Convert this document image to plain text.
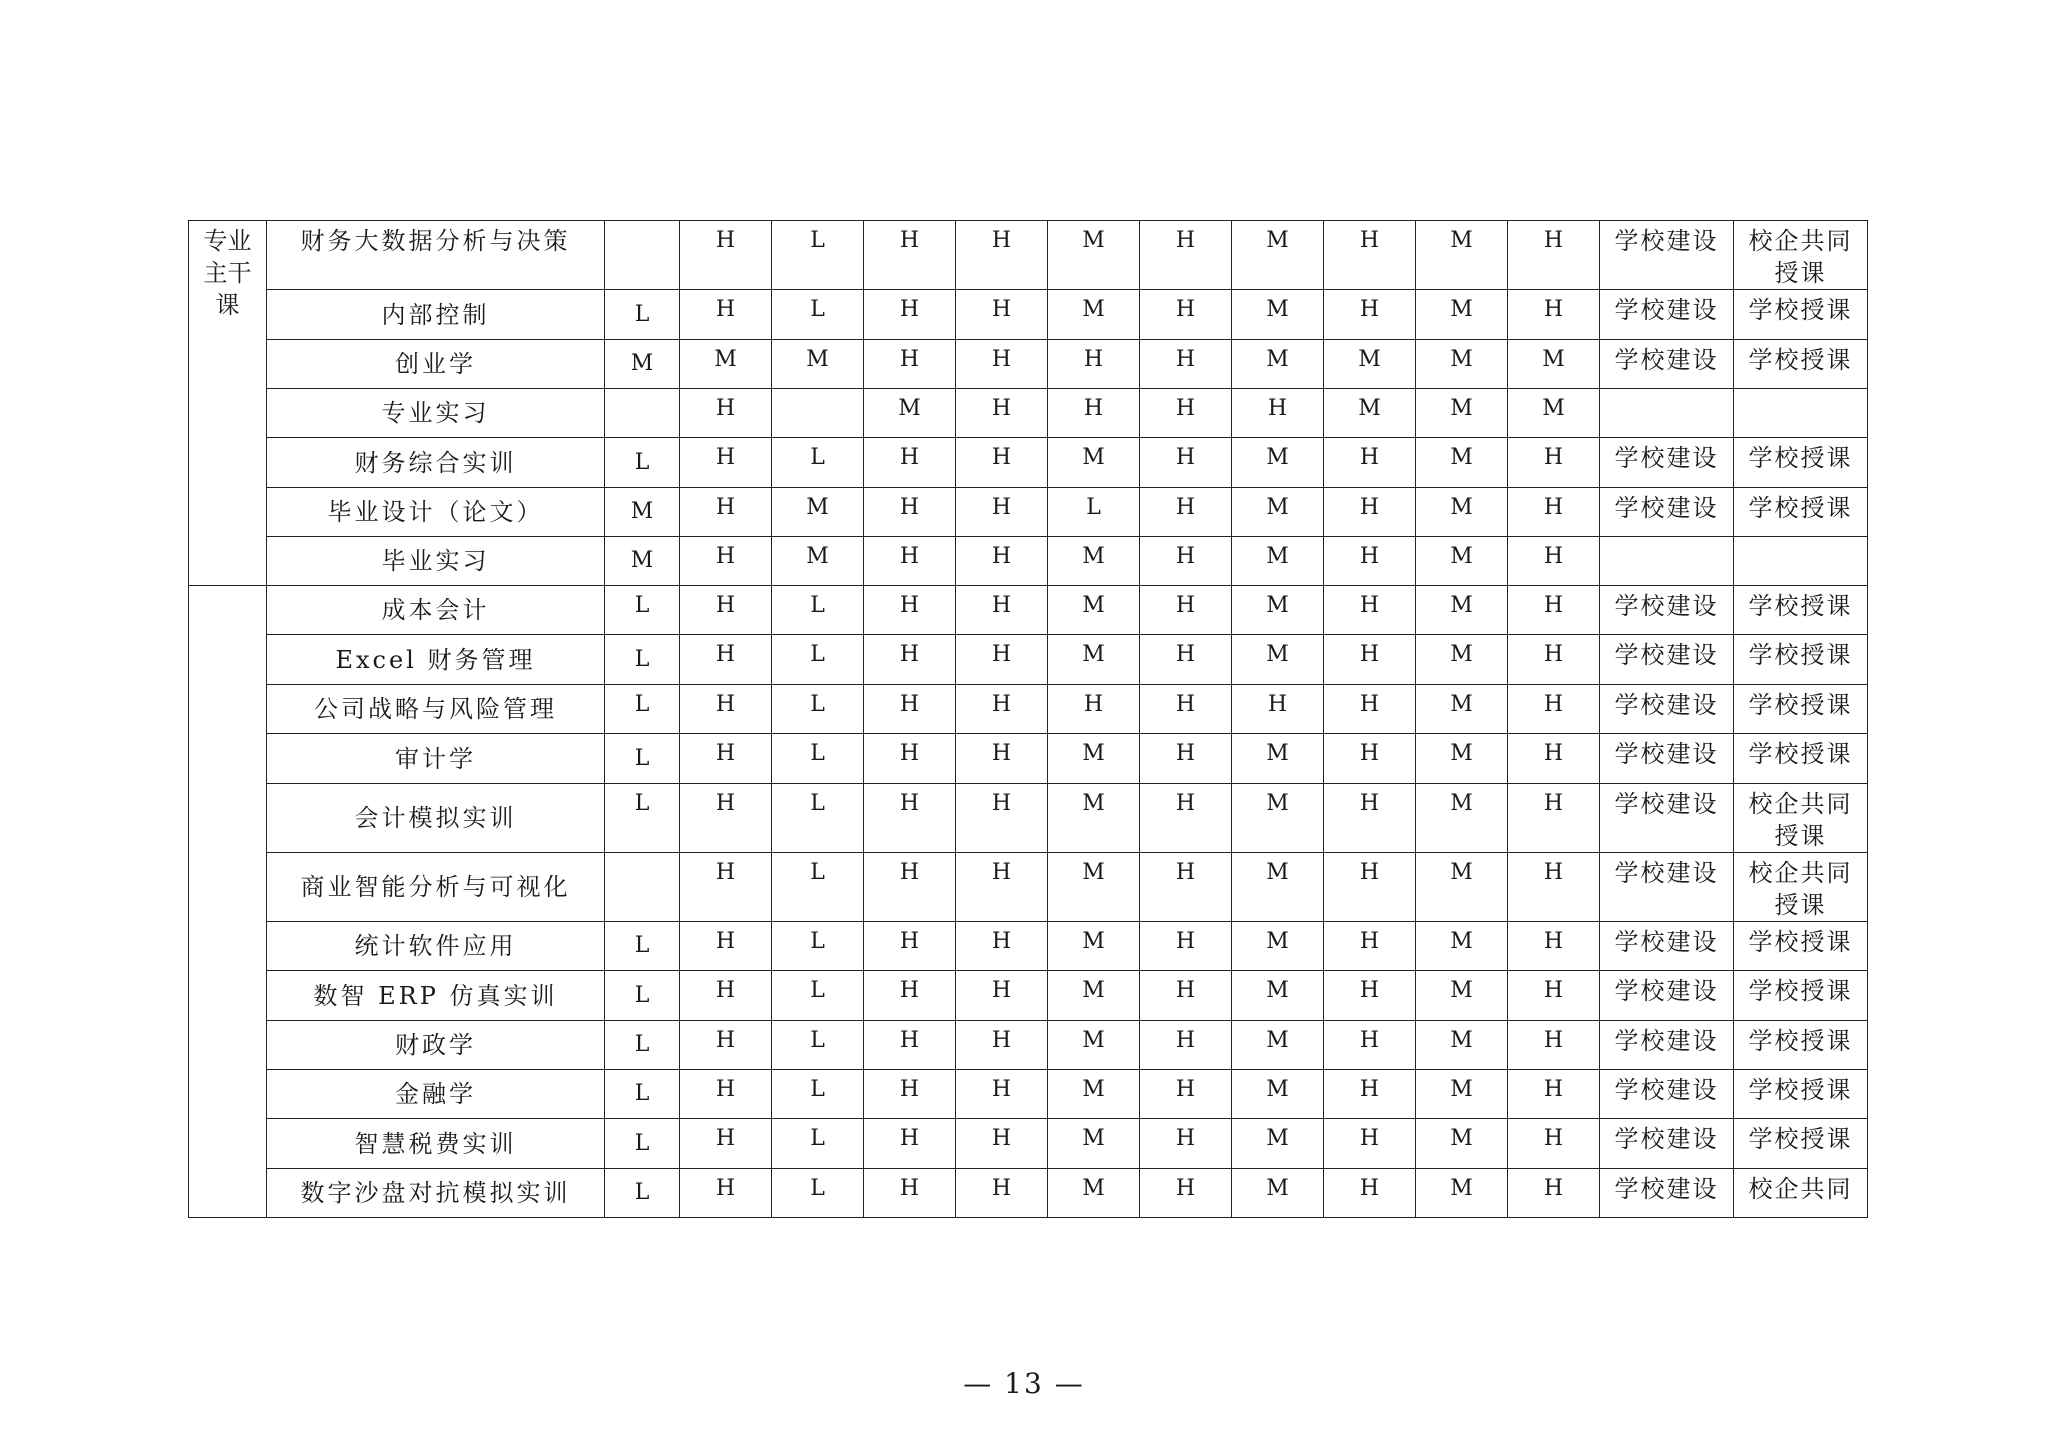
专业主干课	财务大数据分析与决策		H	L	H	H	M	H	M	H	M	H	学校建设	校企共同授课
	内部控制	L	H	L	H	H	M	H	M	H	M	H	学校建设	学校授课
	创业学	M	M	M	H	H	H	H	M	M	M	M	学校建设	学校授课
	专业实习		H		M	H	H	H	H	M	M	M		
	财务综合实训	L	H	L	H	H	M	H	M	H	M	H	学校建设	学校授课
	毕业设计（论文）	M	H	M	H	H	L	H	M	H	M	H	学校建设	学校授课
	毕业实习	M	H	M	H	H	M	H	M	H	M	H		
	成本会计	L	H	L	H	H	M	H	M	H	M	H	学校建设	学校授课
	Excel 财务管理	L	H	L	H	H	M	H	M	H	M	H	学校建设	学校授课
	公司战略与风险管理	L	H	L	H	H	H	H	H	H	M	H	学校建设	学校授课
	审计学	L	H	L	H	H	M	H	M	H	M	H	学校建设	学校授课
	会计模拟实训	L	H	L	H	H	M	H	M	H	M	H	学校建设	校企共同授课
	商业智能分析与可视化		H	L	H	H	M	H	M	H	M	H	学校建设	校企共同授课
	统计软件应用	L	H	L	H	H	M	H	M	H	M	H	学校建设	学校授课
	数智 ERP 仿真实训	L	H	L	H	H	M	H	M	H	M	H	学校建设	学校授课
	财政学	L	H	L	H	H	M	H	M	H	M	H	学校建设	学校授课
	金融学	L	H	L	H	H	M	H	M	H	M	H	学校建设	学校授课
	智慧税费实训	L	H	L	H	H	M	H	M	H	M	H	学校建设	学校授课
	数字沙盘对抗模拟实训	L	H	L	H	H	M	H	M	H	M	H	学校建设	校企共同
— 13 —
